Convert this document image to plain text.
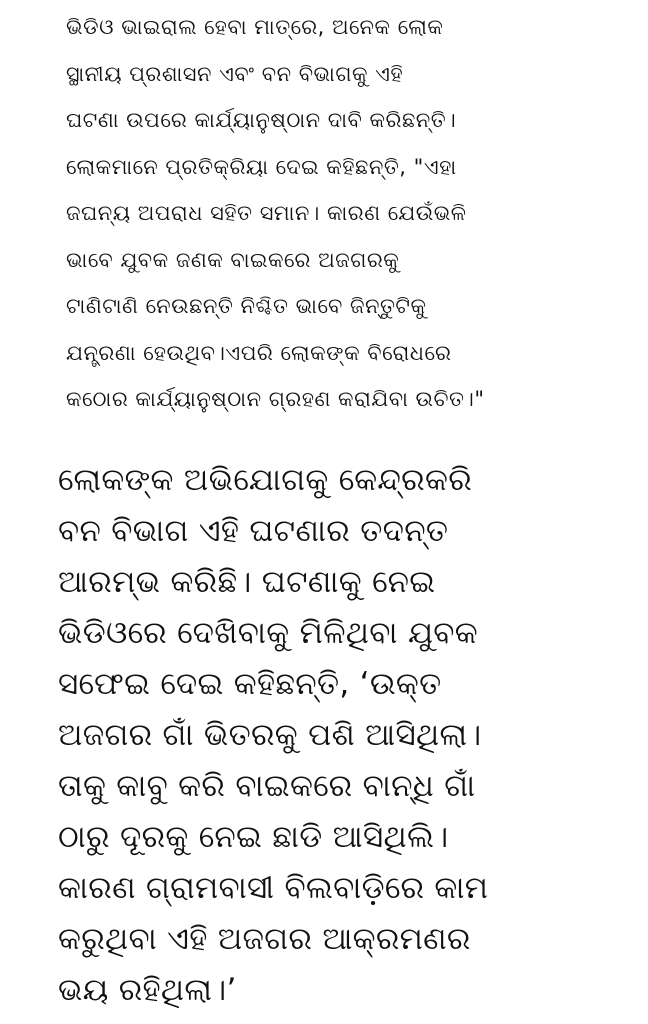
ଭିଡିଓ ଭାଇରାଲ ହେବା ମାତ୍ରେ, ଅନେକ ଲୋକ
ସ୍ଥାନୀୟ ପ୍ରଶାସନ ଏବଂ ବନ ବିଭାଗକୁ ଏହି
ଘଟଣା ଉପରେ କାର୍ଯ୍ୟାନୁଷ୍ଠାନ ଦାବି କରିଛନ୍ତି।
ଲୋକମାନେ ପ୍ରତିକ୍ରିୟା ଦେଇ କହିଛନ୍ତି, "ଏହା
ଜଘନ୍ୟ ଅପରାଧ ସହିତ ସମାନ। କାରଣ ଯେଉଁଭଳି
ଭାବେ ଯୁବକ ଜଣକ ବାଇକରେ ଅଜଗରକୁ
ଟାଣିଟାଣି ନେଉଛନ୍ତି ନିଶ୍ଚିତ ଭାବେ ଜିନ୍ତୁଟିକୁ
ଯନ୍ତ୍ରଣା ହେଉଥିବ।ଏପରି ଲୋକଙ୍କ ବିରୋଧରେ
କଠୋର କାର୍ଯ୍ୟାନୁଷ୍ଠାନ ଗ୍ରହଣ କରାଯିବା ଉଚିତ।"
ଲୋକଙ୍କ ଅଭିଯୋଗକୁ କେନ୍ଦ୍ରକରି
ବନ ବିଭାଗ ଏହି ଘଟଣାର ତଦନ୍ତ
ଆରମ୍ଭ କରିଛି। ଘଟଣାକୁ ନେଇ
ଭିଡିଓରେ ଦେଖିବାକୁ ମିଳିଥିବା ଯୁବକ
ସଫେଇ ଦେଇ କହିଛନ୍ତି, ‘ଉକ୍ତ
ଅଜଗର ଗାଁ ଭିତରକୁ ପଶି ଆସିଥିଲା।
ତାକୁ କାବୁ କରି ବାଇକରେ ବାନ୍ଧି ଗାଁ
ଠାରୁ ଦୂରକୁ ନେଇ ଛାଡି ଆସିଥିଲି।
କାରଣ ଗ୍ରାମବାସୀ ବିଲବାଡ଼ିରେ କାମ
କରୁଥିବା ଏହି ଅଜଗର ଆକ୍ରମଣର
ଭୟ ରହିଥିଲା।’
